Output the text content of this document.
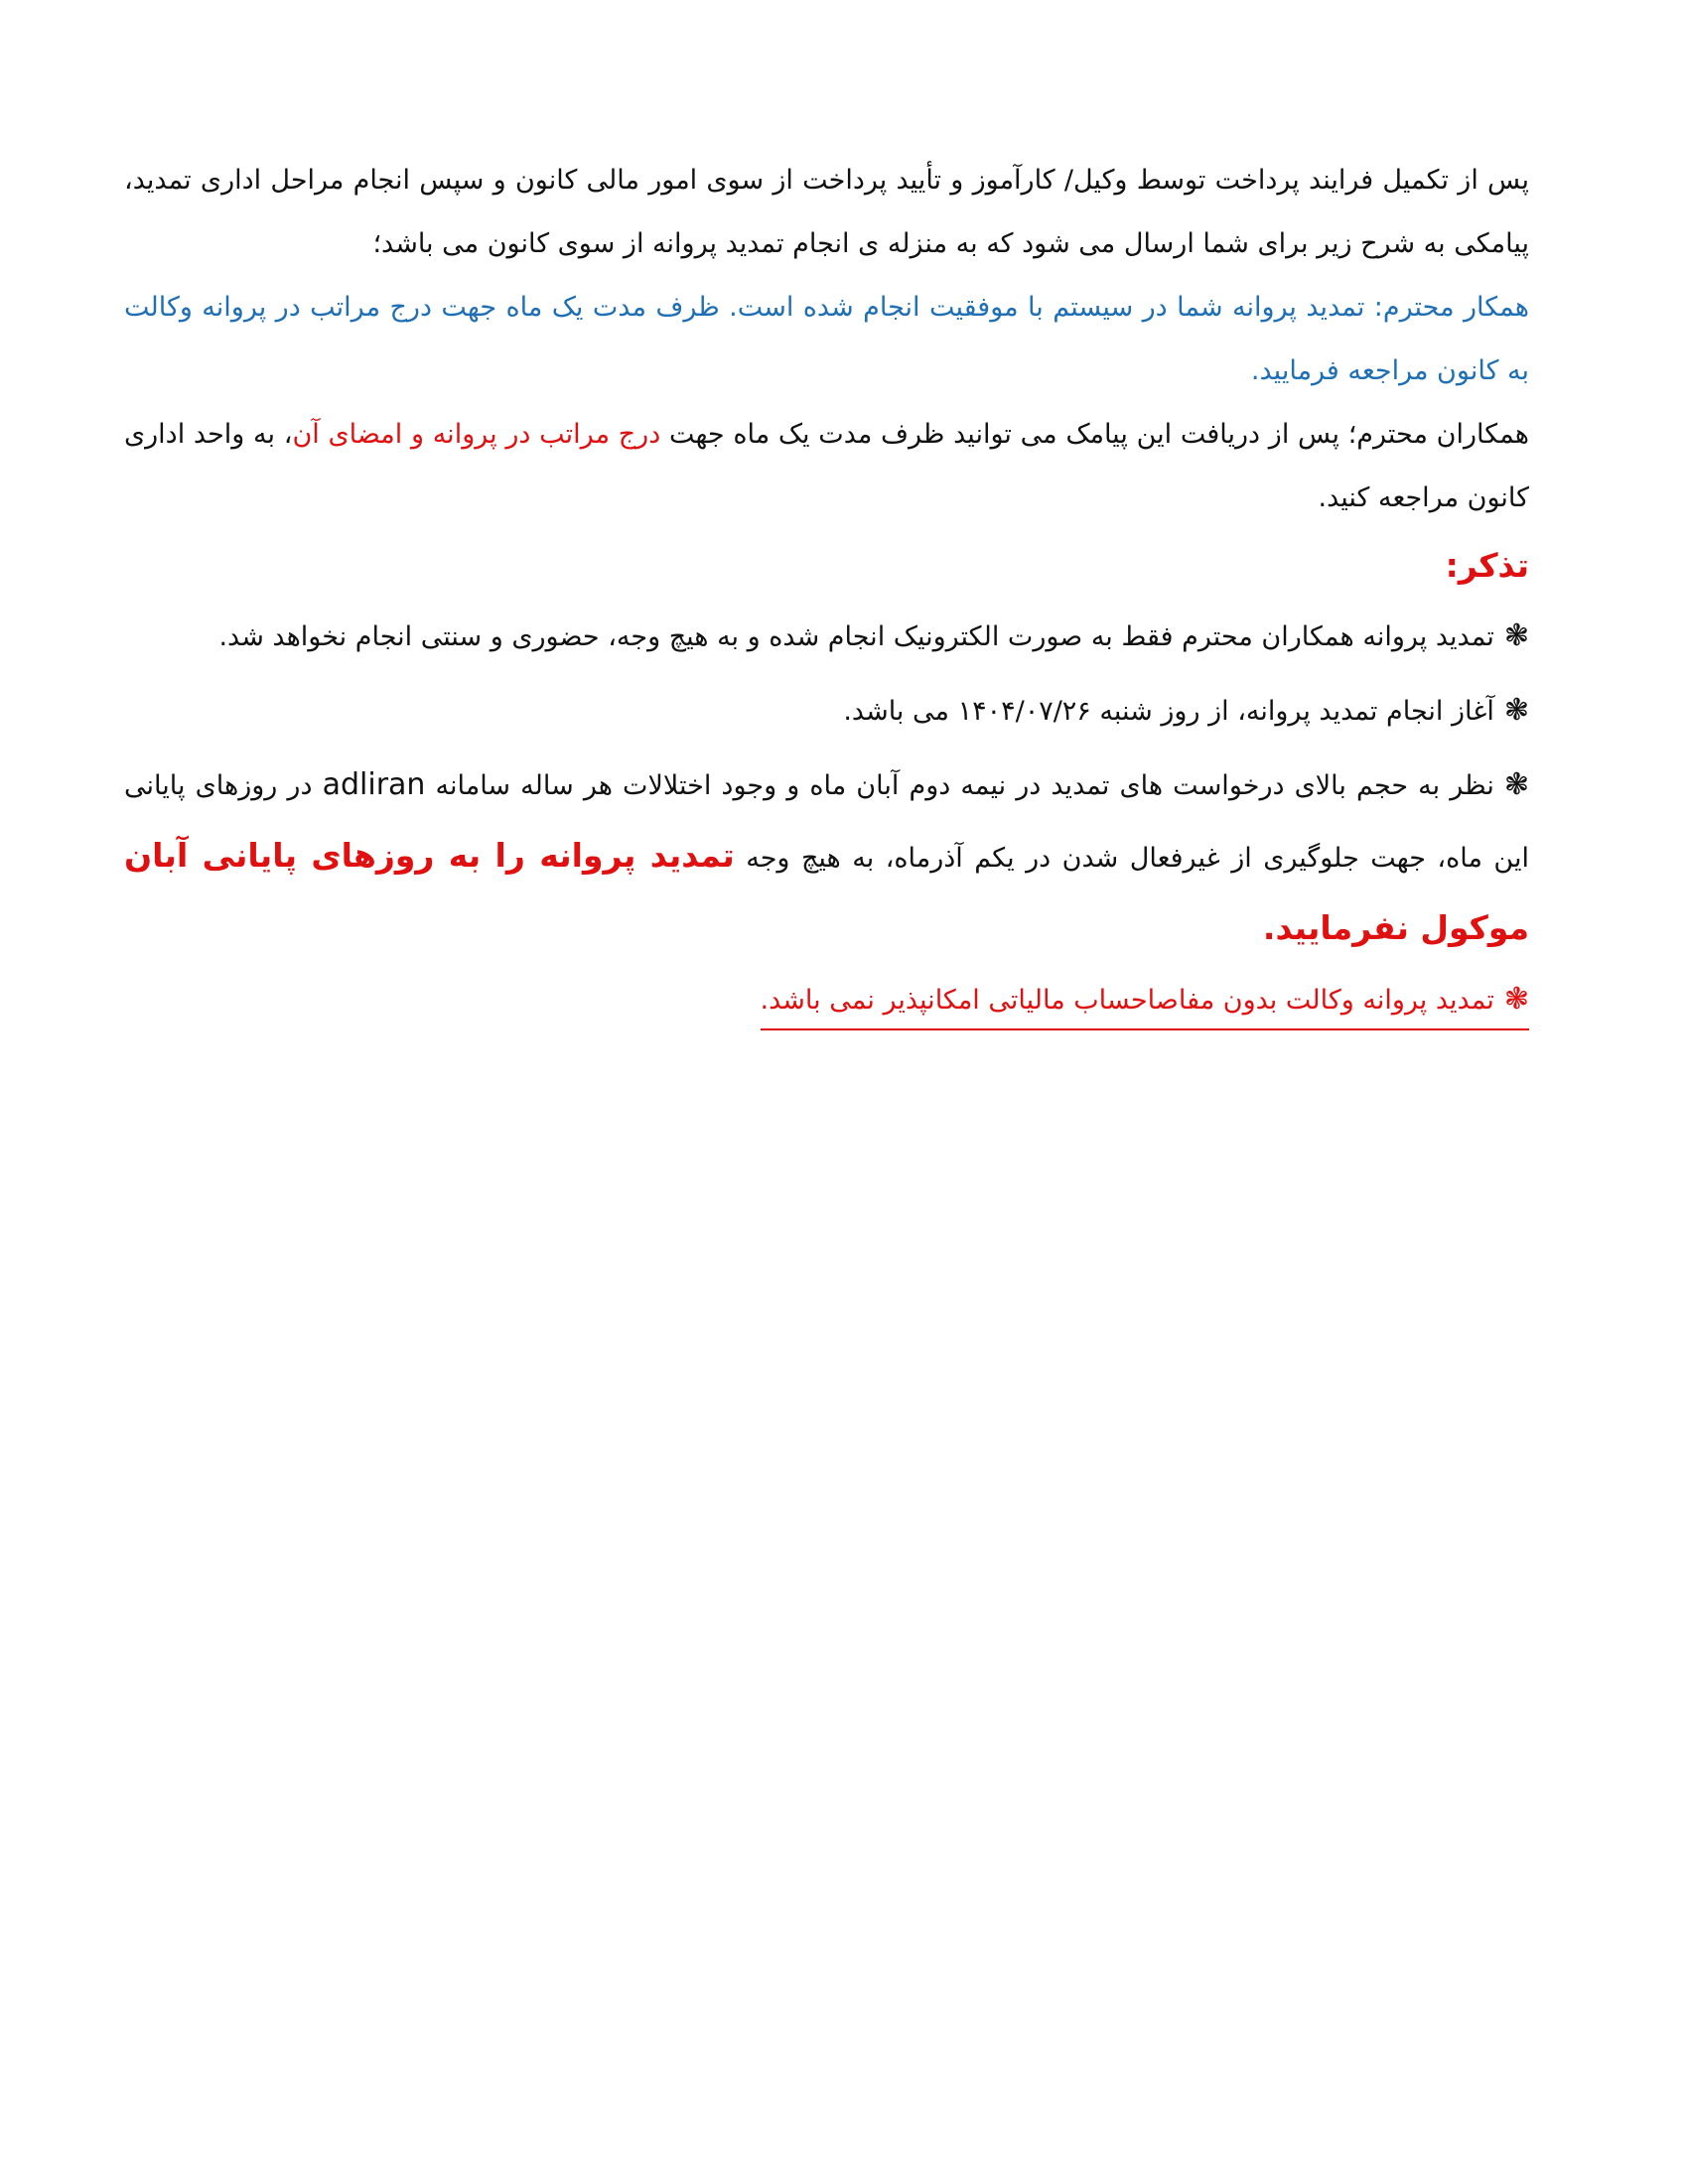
پس از تکمیل فرایند پرداخت توسط وکیل/ کارآموز و تأیید پرداخت از سوی امور مالی کانون و سپس انجام مراحل اداری تمدید، پیامکی به شرح زیر برای شما ارسال می شود که به منزله ی انجام تمدید پروانه از سوی کانون می باشد؛

همکار محترم: تمدید پروانه شما در سیستم با موفقیت انجام شده است. ظرف مدت یک ماه جهت درج مراتب در پروانه وکالت به کانون مراجعه فرمایید.

همکاران محترم؛ پس از دریافت این پیامک می توانید ظرف مدت یک ماه جهت درج مراتب در پروانه و امضای آن، به واحد اداری کانون مراجعه کنید.

تذکر:

❃تمدید پروانه همکاران محترم فقط به صورت الکترونیک انجام شده و به هیچ وجه، حضوری و سنتی انجام نخواهد شد.

❃آغاز انجام تمدید پروانه، از روز شنبه ۱۴۰۴/۰۷/۲۶ می باشد.

❃نظر به حجم بالای درخواست های تمدید در نیمه دوم آبان ماه و وجود اختلالات هر ساله سامانه adliran در روزهای پایانی این ماه، جهت جلوگیری از غیرفعال شدن در یکم آذرماه، به هیچ وجه تمدید پروانه را به روزهای پایانی آبان موکول نفرمایید.

❃تمدید پروانه وکالت بدون مفاصاحساب مالیاتی امکانپذیر نمی باشد.
